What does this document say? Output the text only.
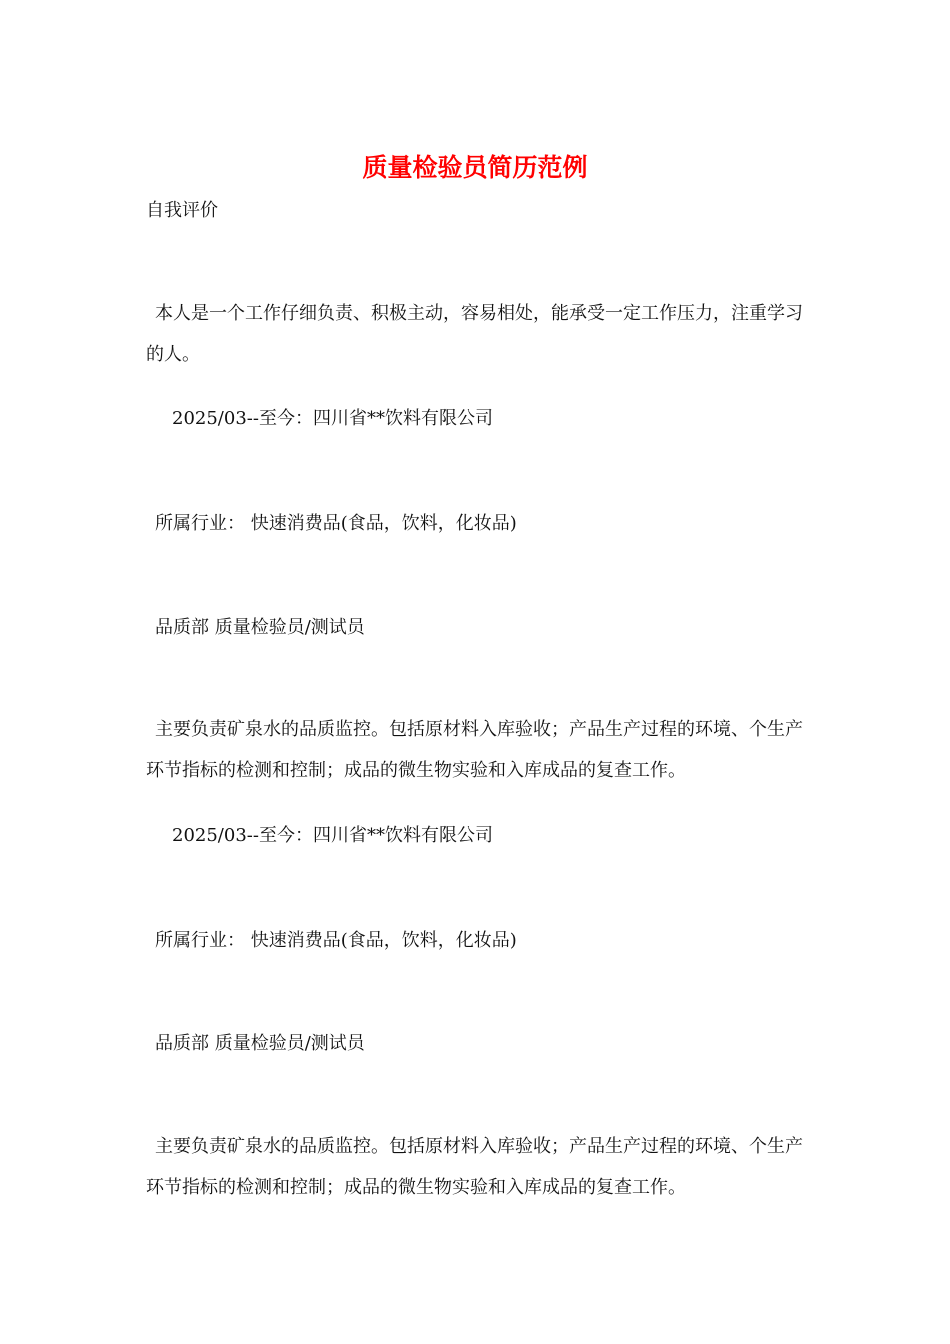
质量检验员简历范例
自我评价
本人是一个工作仔细负责、积极主动，容易相处，能承受一定工作压力，注重学习的人。
2025/03--至今：四川省**饮料有限公司
所属行业： 快速消费品(食品，饮料，化妆品)
品质部 质量检验员/测试员
主要负责矿泉水的品质监控。包括原材料入库验收；产品生产过程的环境、个生产环节指标的检测和控制；成品的微生物实验和入库成品的复查工作。
2025/03--至今：四川省**饮料有限公司
所属行业： 快速消费品(食品，饮料，化妆品)
品质部 质量检验员/测试员
主要负责矿泉水的品质监控。包括原材料入库验收；产品生产过程的环境、个生产环节指标的检测和控制；成品的微生物实验和入库成品的复查工作。
